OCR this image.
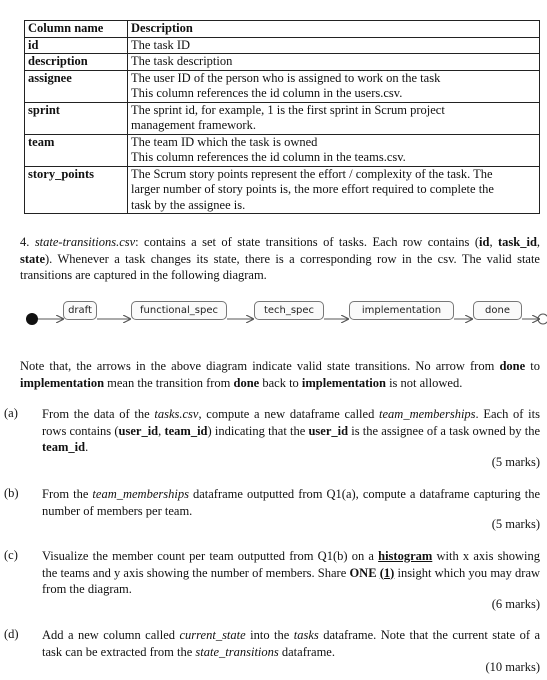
Column name	Description
id	The task ID

description	The task description

assignee	The user ID of the person who is assigned to work on the task
This column references the id column in the users.csv.

sprint	The sprint id, for example, 1 is the first sprint in Scrum project
management framework.

team	The team ID which the task is owned
This column references the id column in the teams.csv.

story_points	The Scrum story points represent the effort / complexity of the task. The
larger number of story points is, the more effort required to complete the
task by the assignee is.
4. state-transitions.csv: contains a set of state transitions of tasks. Each row contains (id, task_id, state). Whenever a task changes its state, there is a corresponding row in the csv. The valid state transitions are captured in the following diagram.
draft	functional_spec	tech_spec	implementation	done
Note that, the arrows in the above diagram indicate valid state transitions. No arrow from done to implementation mean the transition from done back to implementation is not allowed.
(a) From the data of the tasks.csv, compute a new dataframe called team_memberships. Each of its rows contains (user_id, team_id) indicating that the user_id is the assignee of a task owned by the team_id.
(5 marks)
(b) From the team_memberships dataframe outputted from Q1(a), compute a dataframe capturing the number of members per team.
(5 marks)
(c) Visualize the member count per team outputted from Q1(b) on a histogram with x axis showing the teams and y axis showing the number of members. Share ONE (1) insight which you may draw from the diagram.
(6 marks)
(d) Add a new column called current_state into the tasks dataframe. Note that the current state of a task can be extracted from the state_transitions dataframe.
(10 marks)
